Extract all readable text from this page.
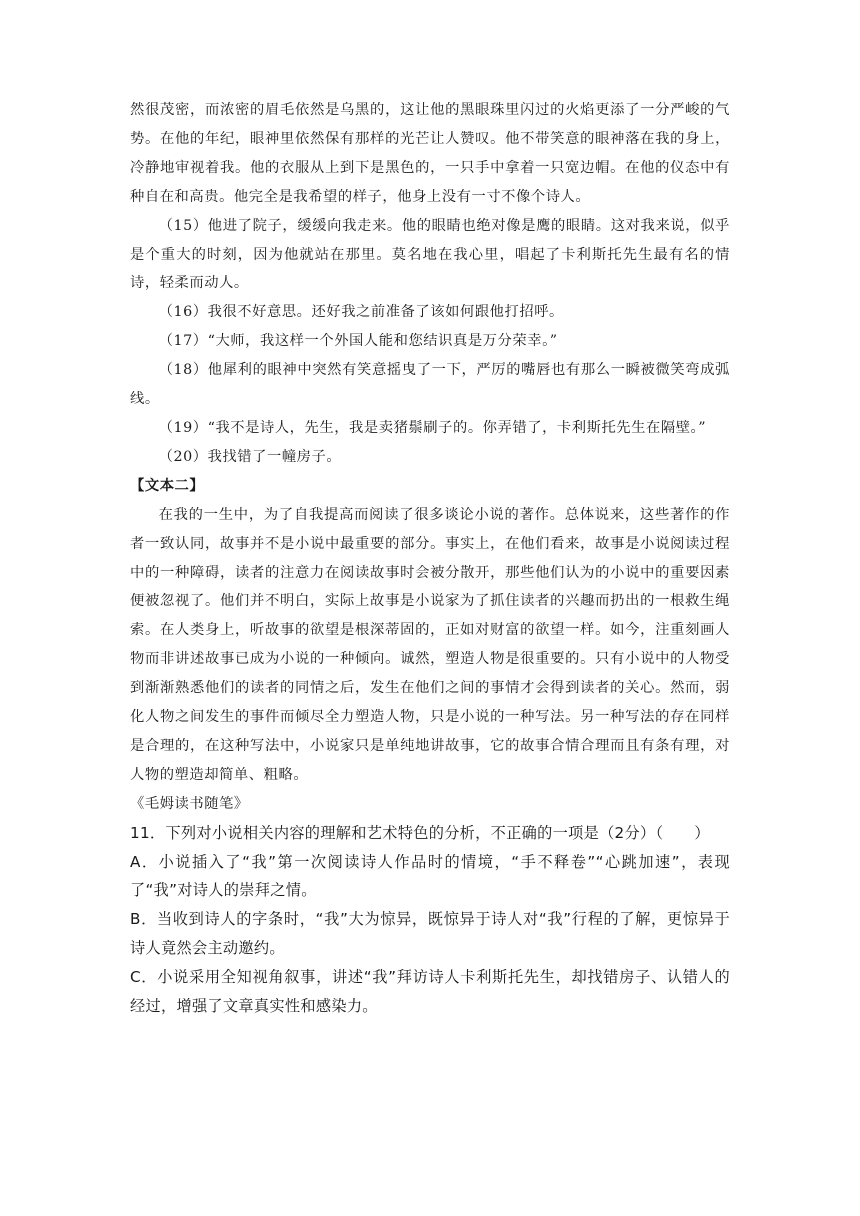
然很茂密，而浓密的眉毛依然是乌黑的，这让他的黑眼珠里闪过的火焰更添了一分严峻的气势。在他的年纪，眼神里依然保有那样的光芒让人赞叹。他不带笑意的眼神落在我的身上，冷静地审视着我。他的衣服从上到下是黑色的，一只手中拿着一只宽边帽。在他的仪态中有种自在和高贵。他完全是我希望的样子，他身上没有一寸不像个诗人。

（15）他进了院子，缓缓向我走来。他的眼睛也绝对像是鹰的眼睛。这对我来说，似乎是个重大的时刻，因为他就站在那里。莫名地在我心里，唱起了卡利斯托先生最有名的情诗，轻柔而动人。

（16）我很不好意思。还好我之前准备了该如何跟他打招呼。

（17）“大师，我这样一个外国人能和您结识真是万分荣幸。”

（18）他犀利的眼神中突然有笑意摇曳了一下，严厉的嘴唇也有那么一瞬被微笑弯成弧线。

（19）“我不是诗人，先生，我是卖猪鬃刷子的。你弄错了，卡利斯托先生在隔壁。”

（20）我找错了一幢房子。

【文本二】

在我的一生中，为了自我提高而阅读了很多谈论小说的著作。总体说来，这些著作的作者一致认同，故事并不是小说中最重要的部分。事实上，在他们看来，故事是小说阅读过程中的一种障碍，读者的注意力在阅读故事时会被分散开，那些他们认为的小说中的重要因素便被忽视了。他们并不明白，实际上故事是小说家为了抓住读者的兴趣而扔出的一根救生绳索。在人类身上，听故事的欲望是根深蒂固的，正如对财富的欲望一样。如今，注重刻画人物而非讲述故事已成为小说的一种倾向。诚然，塑造人物是很重要的。只有小说中的人物受到渐渐熟悉他们的读者的同情之后，发生在他们之间的事情才会得到读者的关心。然而，弱化人物之间发生的事件而倾尽全力塑造人物，只是小说的一种写法。另一种写法的存在同样是合理的，在这种写法中，小说家只是单纯地讲故事，它的故事合情合理而且有条有理，对人物的塑造却简单、粗略。

《毛姆读书随笔》

11．下列对小说相关内容的理解和艺术特色的分析，不正确的一项是（2分）（　　）

A．小说插入了“我”第一次阅读诗人作品时的情境，“手不释卷”“心跳加速”，表现了“我”对诗人的崇拜之情。

B．当收到诗人的字条时，“我”大为惊异，既惊异于诗人对“我”行程的了解，更惊异于诗人竟然会主动邀约。

C．小说采用全知视角叙事，讲述“我”拜访诗人卡利斯托先生，却找错房子、认错人的经过，增强了文章真实性和感染力。
